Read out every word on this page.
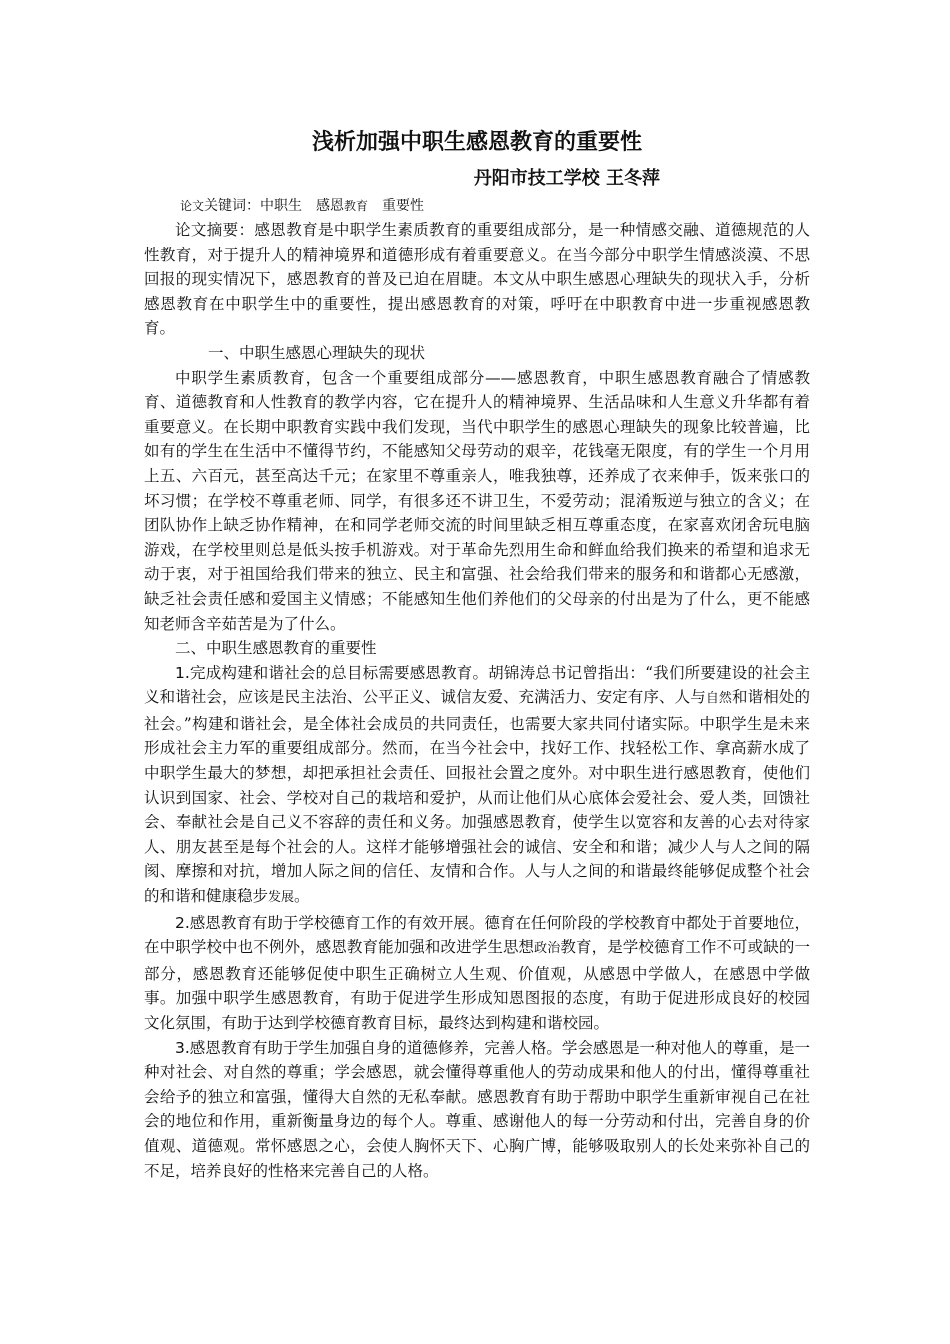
浅析加强中职生感恩教育的重要性
丹阳市技工学校 王冬萍
论文关键词：中职生　感恩教育　重要性

论文摘要：感恩教育是中职学生素质教育的重要组成部分，是一种情感交融、道德规范的人性教育，对于提升人的精神境界和道德形成有着重要意义。在当今部分中职学生情感淡漠、不思回报的现实情况下，感恩教育的普及已迫在眉睫。本文从中职生感恩心理缺失的现状入手，分析感恩教育在中职学生中的重要性，提出感恩教育的对策，呼吁在中职教育中进一步重视感恩教育。

一、中职生感恩心理缺失的现状

中职学生素质教育，包含一个重要组成部分——感恩教育，中职生感恩教育融合了情感教育、道德教育和人性教育的教学内容，它在提升人的精神境界、生活品味和人生意义升华都有着重要意义。在长期中职教育实践中我们发现，当代中职学生的感恩心理缺失的现象比较普遍，比如有的学生在生活中不懂得节约，不能感知父母劳动的艰辛，花钱毫无限度，有的学生一个月用上五、六百元，甚至高达千元；在家里不尊重亲人，唯我独尊，还养成了衣来伸手，饭来张口的坏习惯；在学校不尊重老师、同学，有很多还不讲卫生，不爱劳动；混淆叛逆与独立的含义；在团队协作上缺乏协作精神，在和同学老师交流的时间里缺乏相互尊重态度，在家喜欢闭舍玩电脑游戏，在学校里则总是低头按手机游戏。对于革命先烈用生命和鲜血给我们换来的希望和追求无动于衷，对于祖国给我们带来的独立、民主和富强、社会给我们带来的服务和和谐都心无感激，缺乏社会责任感和爱国主义情感；不能感知生他们养他们的父母亲的付出是为了什么，更不能感知老师含辛茹苦是为了什么。

二、中职生感恩教育的重要性

1.完成构建和谐社会的总目标需要感恩教育。胡锦涛总书记曾指出：“我们所要建设的社会主义和谐社会，应该是民主法治、公平正义、诚信友爱、充满活力、安定有序、人与自然和谐相处的社会。”构建和谐社会，是全体社会成员的共同责任，也需要大家共同付诸实际。中职学生是未来形成社会主力军的重要组成部分。然而，在当今社会中，找好工作、找轻松工作、拿高薪水成了中职学生最大的梦想，却把承担社会责任、回报社会置之度外。对中职生进行感恩教育，使他们认识到国家、社会、学校对自己的栽培和爱护，从而让他们从心底体会爱社会、爱人类，回馈社会、奉献社会是自己义不容辞的责任和义务。加强感恩教育，使学生以宽容和友善的心去对待家人、朋友甚至是每个社会的人。这样才能够增强社会的诚信、安全和和谐；减少人与人之间的隔阂、摩擦和对抗，增加人际之间的信任、友情和合作。人与人之间的和谐最终能够促成整个社会的和谐和健康稳步发展。

2.感恩教育有助于学校德育工作的有效开展。德育在任何阶段的学校教育中都处于首要地位，在中职学校中也不例外，感恩教育能加强和改进学生思想政治教育，是学校德育工作不可或缺的一部分，感恩教育还能够促使中职生正确树立人生观、价值观，从感恩中学做人，在感恩中学做事。加强中职学生感恩教育，有助于促进学生形成知恩图报的态度，有助于促进形成良好的校园文化氛围，有助于达到学校德育教育目标，最终达到构建和谐校园。

3.感恩教育有助于学生加强自身的道德修养，完善人格。学会感恩是一种对他人的尊重，是一种对社会、对自然的尊重；学会感恩，就会懂得尊重他人的劳动成果和他人的付出，懂得尊重社会给予的独立和富强，懂得大自然的无私奉献。感恩教育有助于帮助中职学生重新审视自己在社会的地位和作用，重新衡量身边的每个人。尊重、感谢他人的每一分劳动和付出，完善自身的价值观、道德观。常怀感恩之心，会使人胸怀天下、心胸广博，能够吸取别人的长处来弥补自己的不足，培养良好的性格来完善自己的人格。
